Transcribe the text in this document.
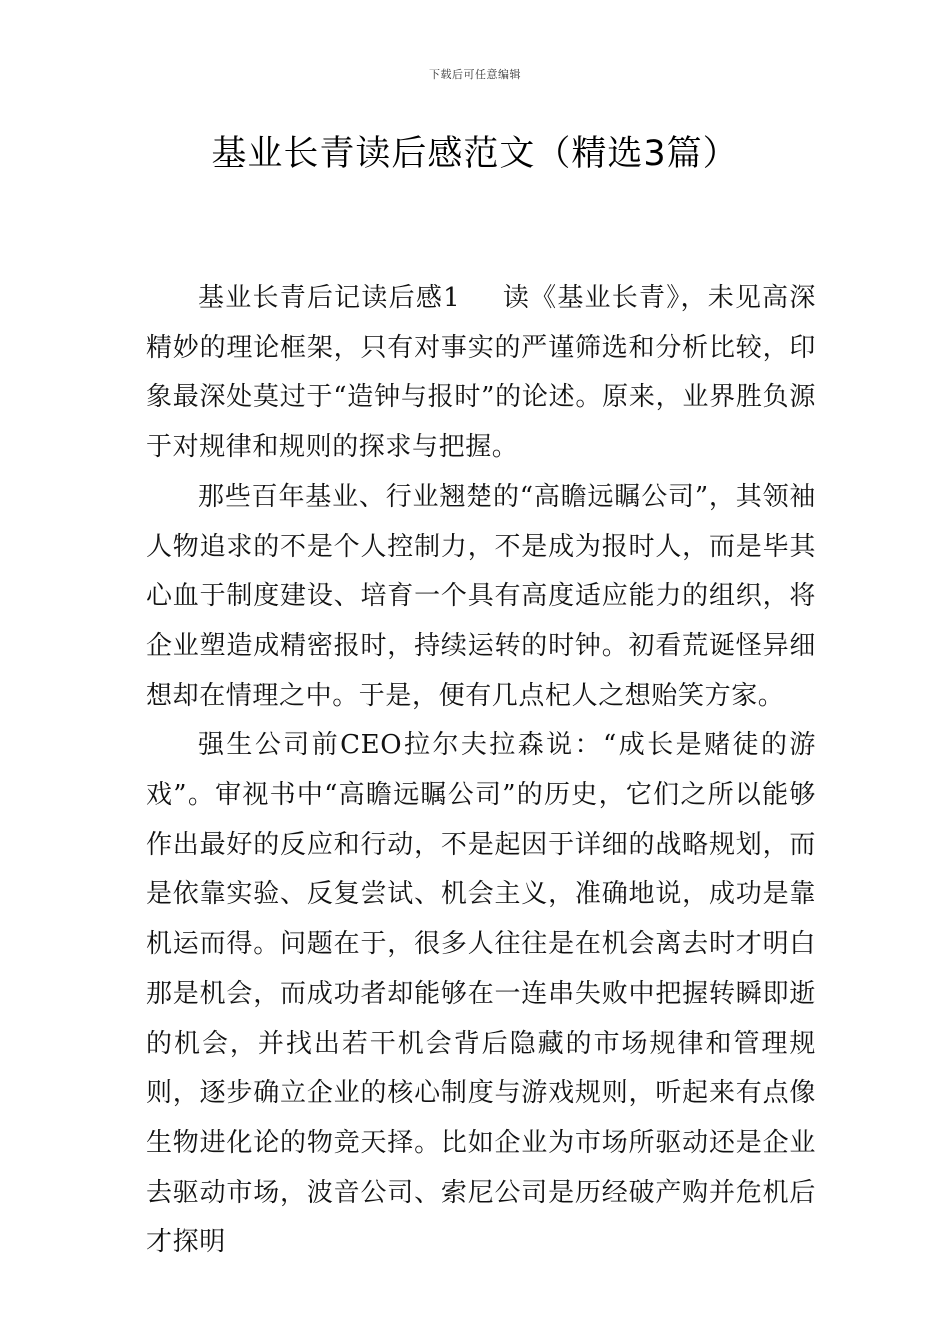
下载后可任意编辑
基业长青读后感范文（精选3篇）

基业长青后记读后感1 读《基业长青》，未见高深精妙的理论框架，只有对事实的严谨筛选和分析比较，印象最深处莫过于“造钟与报时”的论述。原来，业界胜负源于对规律和规则的探求与把握。

那些百年基业、行业翘楚的“高瞻远瞩公司”，其领袖人物追求的不是个人控制力，不是成为报时人，而是毕其心血于制度建设、培育一个具有高度适应能力的组织，将企业塑造成精密报时，持续运转的时钟。初看荒诞怪异细想却在情理之中。于是，便有几点杞人之想贻笑方家。

强生公司前CEO拉尔夫拉森说：“成长是赌徒的游戏”。审视书中“高瞻远瞩公司”的历史，它们之所以能够作出最好的反应和行动，不是起因于详细的战略规划，而是依靠实验、反复尝试、机会主义，准确地说，成功是靠机运而得。问题在于，很多人往往是在机会离去时才明白那是机会，而成功者却能够在一连串失败中把握转瞬即逝的机会，并找出若干机会背后隐藏的市场规律和管理规则，逐步确立企业的核心制度与游戏规则，听起来有点像生物进化论的物竞天择。比如企业为市场所驱动还是企业去驱动市场，波音公司、索尼公司是历经破产购并危机后才探明
